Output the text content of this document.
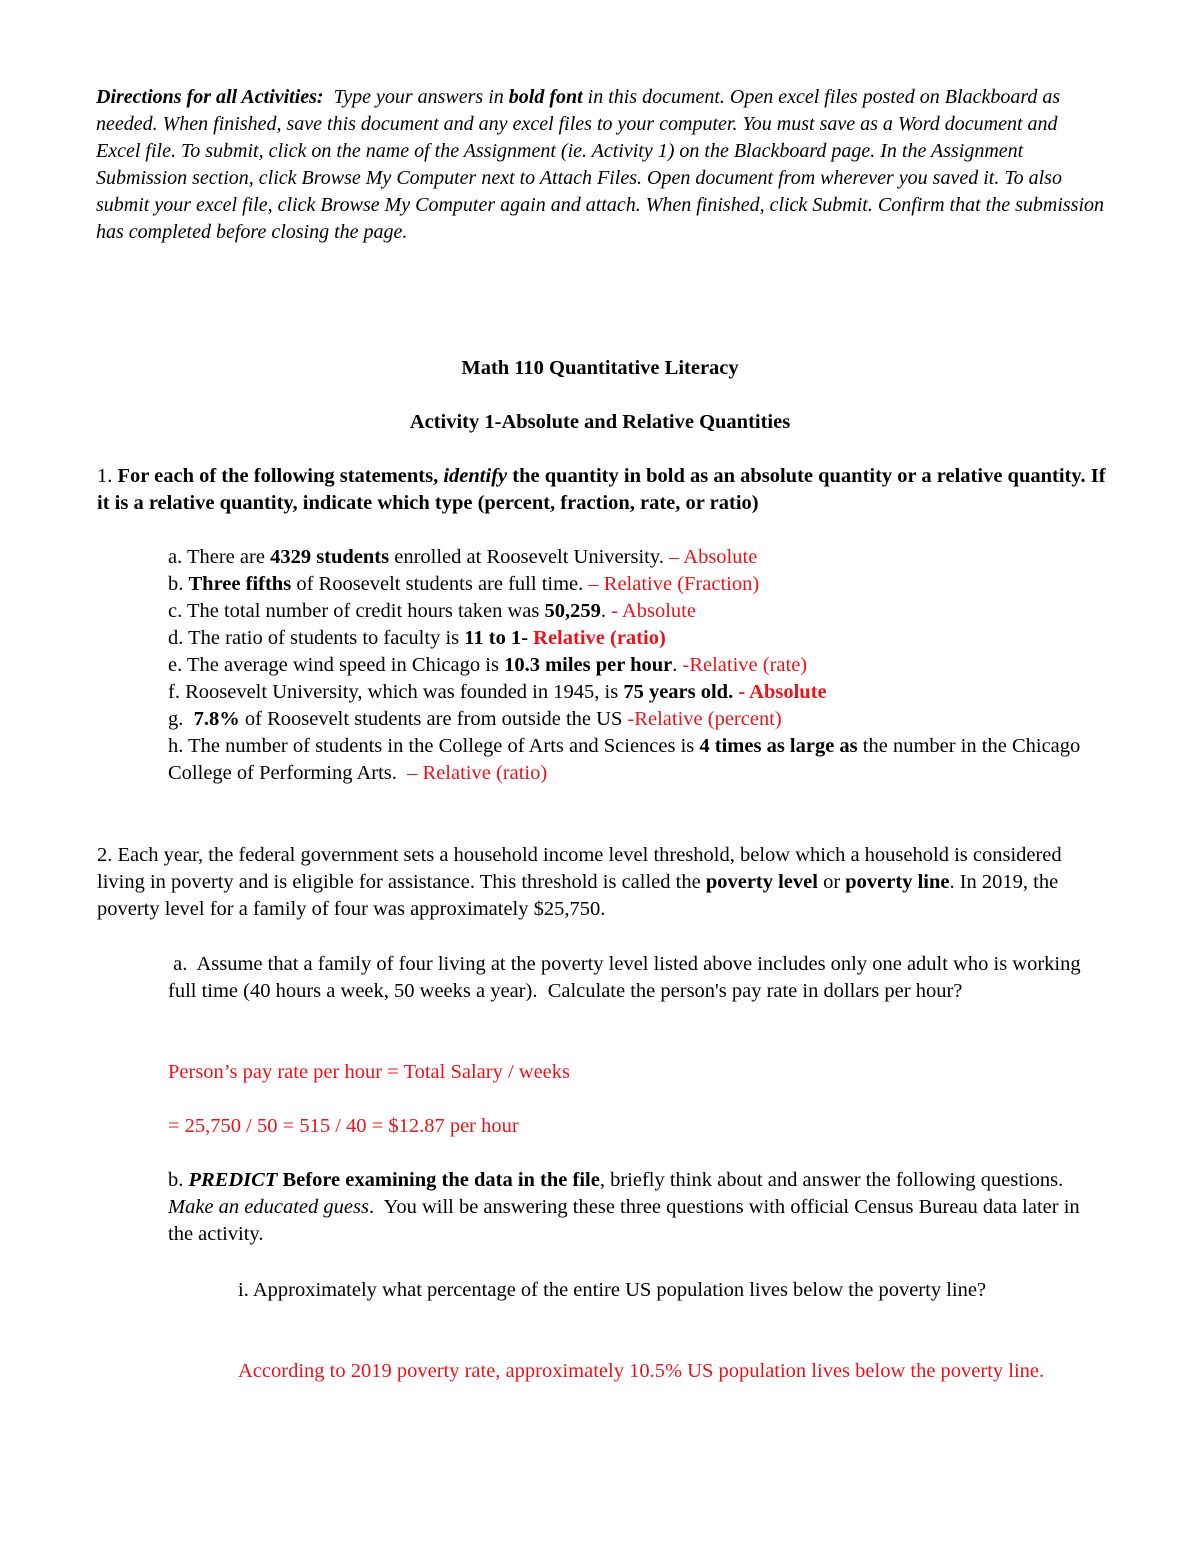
Directions for all Activities:  Type your answers in bold font in this document. Open excel files posted on Blackboard as needed. When finished, save this document and any excel files to your computer. You must save as a Word document and Excel file. To submit, click on the name of the Assignment (ie. Activity 1) on the Blackboard page. In the Assignment Submission section, click Browse My Computer next to Attach Files. Open document from wherever you saved it. To also submit your excel file, click Browse My Computer again and attach. When finished, click Submit. Confirm that the submission has completed before closing the page.
Math 110 Quantitative Literacy
Activity 1-Absolute and Relative Quantities
1. For each of the following statements, identify the quantity in bold as an absolute quantity or a relative quantity. If it is a relative quantity, indicate which type (percent, fraction, rate, or ratio)
a. There are 4329 students enrolled at Roosevelt University. – Absolute
b. Three fifths of Roosevelt students are full time. – Relative (Fraction)
c. The total number of credit hours taken was 50,259. - Absolute
d. The ratio of students to faculty is 11 to 1- Relative (ratio)
e. The average wind speed in Chicago is 10.3 miles per hour. -Relative (rate)
f. Roosevelt University, which was founded in 1945, is 75 years old. - Absolute
g.  7.8% of Roosevelt students are from outside the US -Relative (percent)
h. The number of students in the College of Arts and Sciences is 4 times as large as the number in the Chicago College of Performing Arts.  – Relative (ratio)
2. Each year, the federal government sets a household income level threshold, below which a household is considered living in poverty and is eligible for assistance. This threshold is called the poverty level or poverty line. In 2019, the poverty level for a family of four was approximately $25,750.
a.  Assume that a family of four living at the poverty level listed above includes only one adult who is working full time (40 hours a week, 50 weeks a year).  Calculate the person's pay rate in dollars per hour?
Person’s pay rate per hour = Total Salary / weeks
= 25,750 / 50 = 515 / 40 = $12.87 per hour
b. PREDICT Before examining the data in the file, briefly think about and answer the following questions. Make an educated guess.  You will be answering these three questions with official Census Bureau data later in the activity.
i. Approximately what percentage of the entire US population lives below the poverty line?
According to 2019 poverty rate, approximately 10.5% US population lives below the poverty line.
